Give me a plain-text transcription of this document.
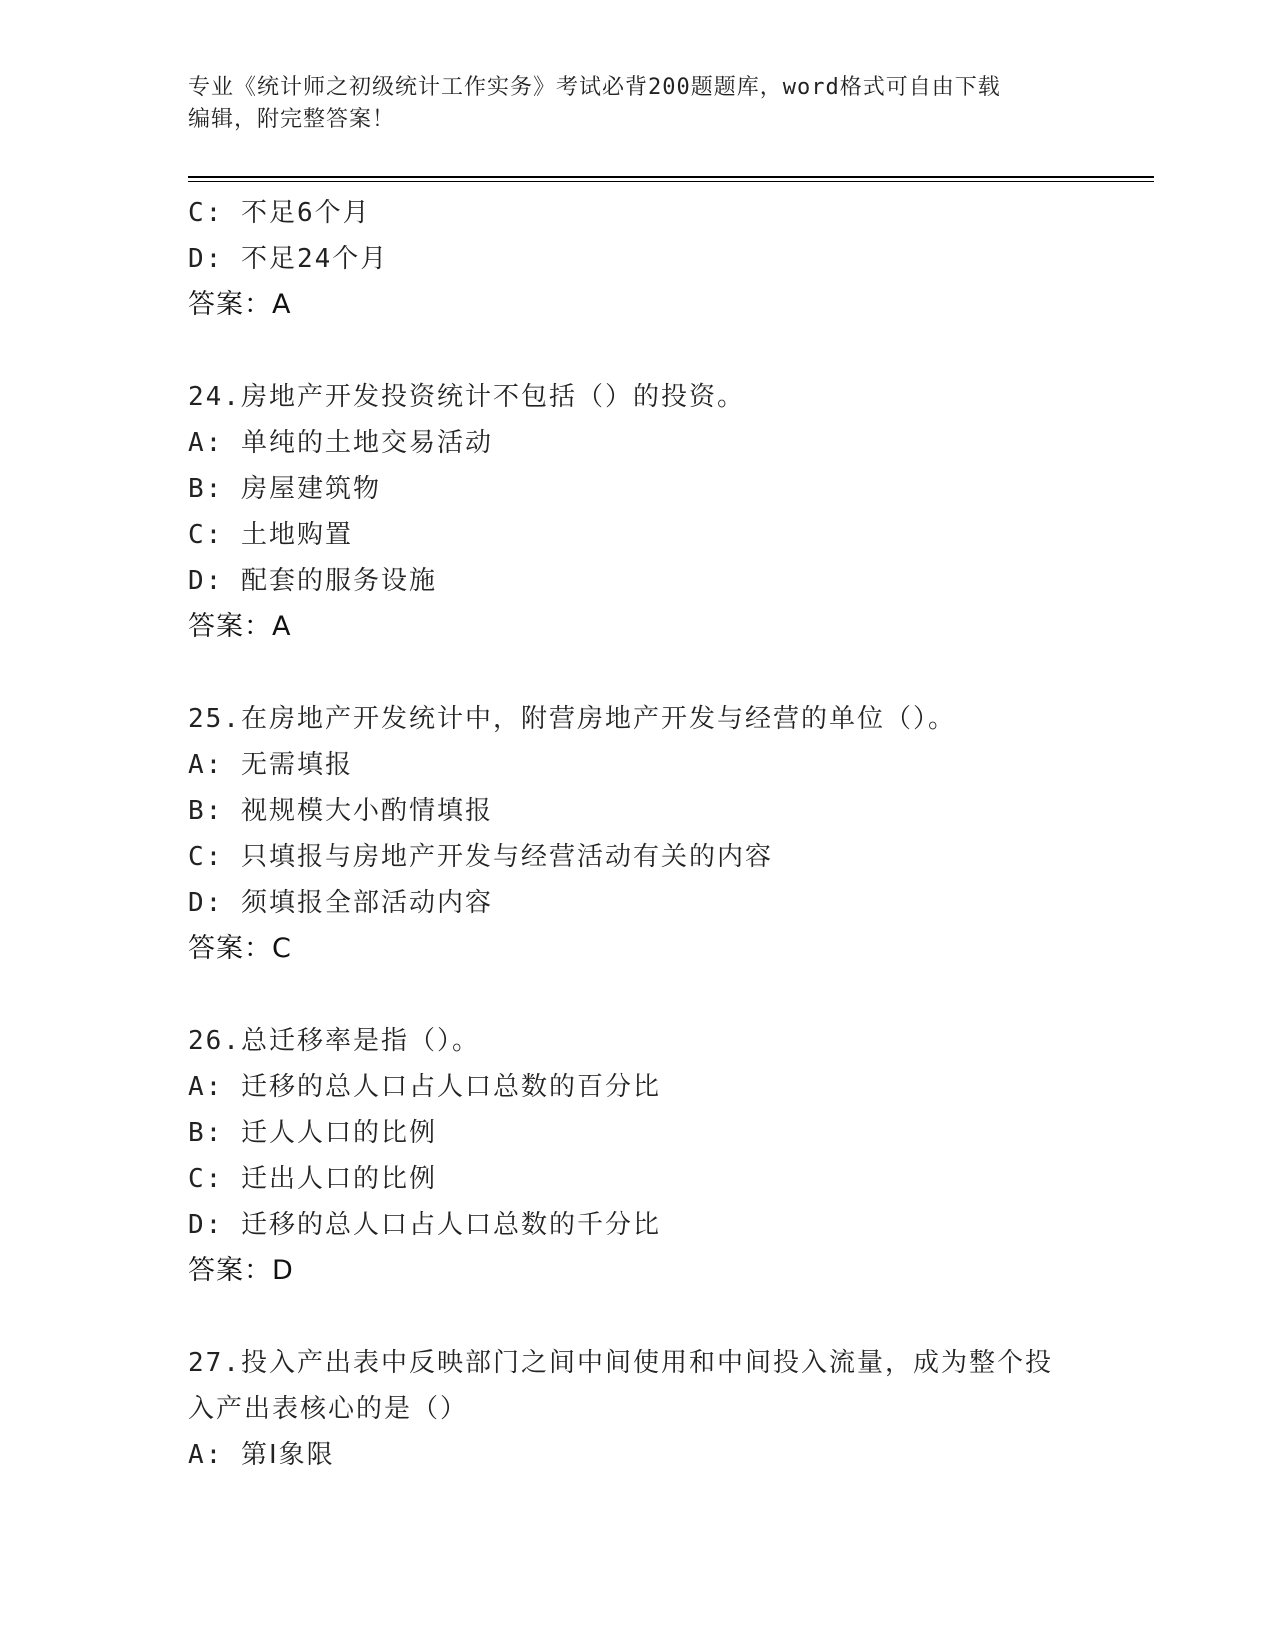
专业《统计师之初级统计工作实务》考试必背200题题库，word格式可自由下载
编辑，附完整答案！
C: 不足6个月
D: 不足24个月
答案：A
24.房地产开发投资统计不包括（）的投资。
A: 单纯的土地交易活动
B: 房屋建筑物
C: 土地购置
D: 配套的服务设施
答案：A
25.在房地产开发统计中，附营房地产开发与经营的单位（）。
A: 无需填报
B: 视规模大小酌情填报
C: 只填报与房地产开发与经营活动有关的内容
D: 须填报全部活动内容
答案：C
26.总迁移率是指（）。
A: 迁移的总人口占人口总数的百分比
B: 迁人人口的比例
C: 迁出人口的比例
D: 迁移的总人口占人口总数的千分比
答案：D
27.投入产出表中反映部门之间中间使用和中间投入流量，成为整个投
入产出表核心的是（）
A: 第Ⅰ象限
